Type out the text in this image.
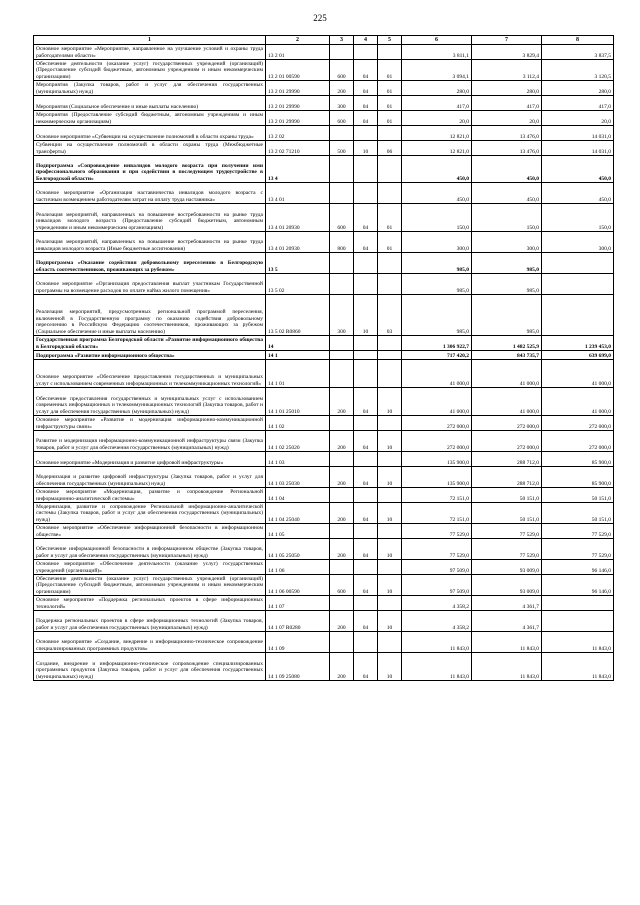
225
1	2	3	4	5	6	7	8
Основное мероприятие «Мероприятие, направленное на улучшение условий и охраны труда работодателями области»	13 2 01				3 811,1	3 829,4	3 837,5
Обеспечение деятельности (оказание услуг) государственных учреждений (организаций) (Предоставление субсидий бюджетным, автономным учреждениям и иным некоммерческим организациям)	13 2 01 00590	600	04	01	3 094,1	3 112,4	3 120,5
Мероприятия (Закупка товаров, работ и услуг для обеспечения государственных (муниципальных) нужд)	13 2 01 29990	200	04	01	280,0	280,0	280,0
Мероприятия (Социальное обеспечение и иные выплаты населению)	13 2 01 29990	300	04	01	417,0	417,0	417,0
Мероприятия (Предоставление субсидий бюджетным, автономным учреждениям и иным некоммерческим организациям)	13 2 01 29990	600	04	01	20,0	20,0	20,0
Основное мероприятие «Субвенции на осуществление полномочий в области охраны труда»	13 2 02				12 821,0	13 476,0	14 031,0
Субвенции на осуществление полномочий в области охраны труда (Межбюджетные трансферты)	13 2 02 71210	500	10	06	12 821,0	13 476,0	14 031,0
Подпрограмма «Сопровождение инвалидов молодого возраста при получении ими профессионального образования и при содействии в последующем трудоустройстве в Белгородской области»	13 4				450,0	450,0	450,0
Основное мероприятие «Организация наставничества инвалидов молодого возраста с частичным возмещением работодателям затрат на оплату труда наставника»	13 4 01				450,0	450,0	450,0
Реализация мероприятий, направленных на повышение востребованности на рынке труда инвалидов молодого возраста (Предоставление субсидий бюджетным, автономным учреждениям и иным некоммерческим организациям)	13 4 01 20930	600	04	01	150,0	150,0	150,0
Реализация мероприятий, направленных на повышение востребованности на рынке труда инвалидов молодого возраста (Иные бюджетные ассигнования)	13 4 01 20930	800	04	01	300,0	300,0	300,0
Подпрограмма «Оказание содействия добровольному переселению в Белгородскую область соотечественников, проживающих за рубежом»	13 5				985,0	985,0	
Основное мероприятие «Организация предоставления выплат участникам Государственной программы на возмещение расходов по оплате найма жилого помещения»	13 5 02				985,0	985,0	
Реализация мероприятий, предусмотренных региональной программой переселения, включенной в Государственную программу по оказанию содействия добровольному переселению в Российскую Федерацию соотечественников, проживающих за рубежом (Социальное обеспечение и иные выплаты населению)	13 5 02 R0860	300	10	03	985,0	985,0	
Государственная программа Белгородской области «Развитие информационного общества в Белгородской области»	14				1 306 922,7	1 482 525,9	1 239 453,0
Подпрограмма «Развитие информационного общества»	14 1				717 420,2	843 735,7	639 699,0
Основное мероприятие «Обеспечение предоставления государственных и муниципальных услуг с использованием современных информационных и телекоммуникационных технологий»	14 1 01				41 000,0	41 000,0	41 000,0
Обеспечение предоставления государственных и муниципальных услуг с использованием современных информационных и телекоммуникационных технологий (Закупка товаров, работ и услуг для обеспечения государственных (муниципальных) нужд)	14 1 01 25010	200	04	10	41 000,0	41 000,0	41 000,0
Основное мероприятие «Развитие и модернизация информационно-коммуникационной инфраструктуры связи»	14 1 02				272 000,0	272 000,0	272 000,0
Развитие и модернизация информационно-коммуникационной инфраструктуры связи (Закупка товаров, работ и услуг для обеспечения государственных (муниципальных) нужд)	14 1 02 25020	200	04	10	272 000,0	272 000,0	272 000,0
Основное мероприятие «Модернизация и развитие цифровой инфраструктуры»	14 1 03				135 900,0	288 712,0	85 900,0
Модернизация и развитие цифровой инфраструктуры (Закупка товаров, работ и услуг для обеспечения государственных (муниципальных) нужд)	14 1 03 25030	200	04	10	135 900,0	288 712,0	85 900,0
Основное мероприятие «Модернизация, развитие и сопровождение Региональной информационно-аналитической системы»	14 1 04				72 151,0	50 151,0	50 151,0
Модернизация, развитие и сопровождение Региональной информационно-аналитической системы (Закупка товаров, работ и услуг для обеспечения государственных (муниципальных) нужд)	14 1 04 25040	200	04	10	72 151,0	50 151,0	50 151,0
Основное мероприятие «Обеспечение информационной безопасности в информационном обществе»	14 1 05				77 529,0	77 529,0	77 529,0
Обеспечение информационной безопасности в информационном обществе (Закупка товаров, работ и услуг для обеспечения государственных (муниципальных) нужд)	14 1 05 25050	200	04	10	77 529,0	77 529,0	77 529,0
Основное мероприятие «Обеспечение деятельности (оказание услуг) государственных учреждений (организаций)»	14 1 06				97 509,0	93 009,0	96 146,0
Обеспечение деятельности (оказание услуг) государственных учреждений (организаций) (Предоставление субсидий бюджетным, автономным учреждениям и иным некоммерческим организациям)	14 1 06 00590	600	04	10	97 509,0	93 009,0	96 146,0
Основное мероприятие «Поддержка региональных проектов в сфере информационных технологий»	14 1 07				4 358,2	4 361,7	
Поддержка региональных проектов в сфере информационных технологий (Закупка товаров, работ и услуг для обеспечения государственных (муниципальных) нужд)	14 1 07 R0280	200	04	10	4 358,2	4 361,7	
Основное мероприятие «Создание, внедрение и информационно-техническое сопровождение специализированных программных продуктов»	14 1 09				11 843,0	11 843,0	11 843,0
Создание, внедрение и информационно-техническое сопровождение специализированных программных продуктов (Закупка товаров, работ и услуг для обеспечения государственных (муниципальных) нужд)	14 1 09 25080	200	04	10	11 843,0	11 843,0	11 843,0
